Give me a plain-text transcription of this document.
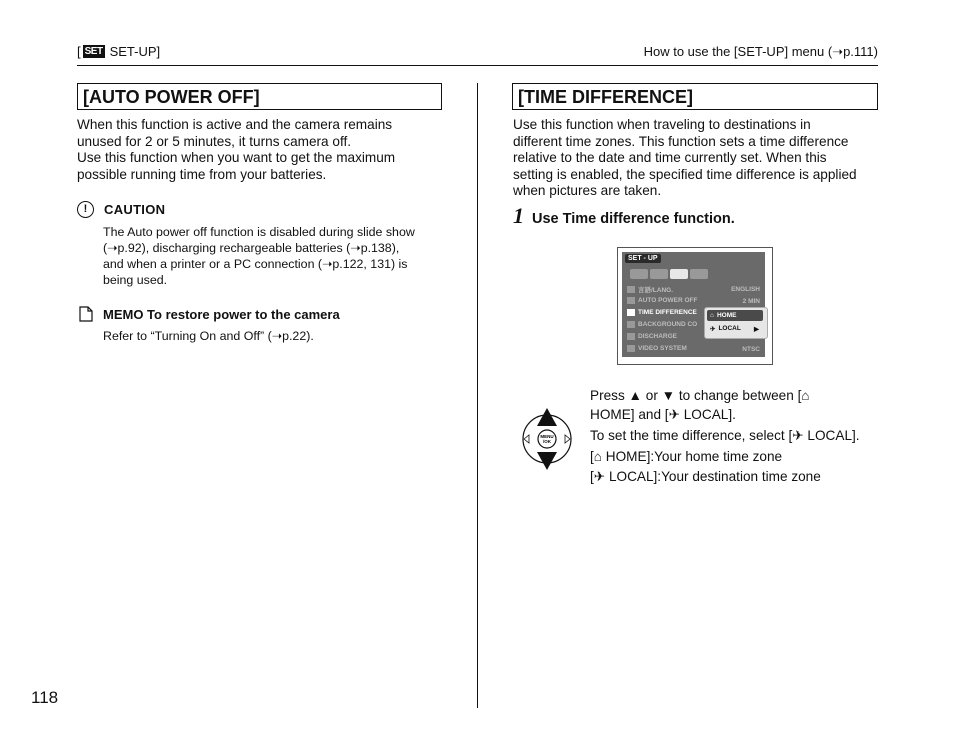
[ SET SET-UP]	How to use the [SET-UP] menu (➝p.111)
[AUTO POWER OFF]
When this function is active and the camera remains
unused for 2 or 5 minutes, it turns camera off.
Use this function when you want to get the maximum
possible running time from your batteries.
!	CAUTION
The Auto power off function is disabled during slide show
(➝p.92), discharging rechargeable batteries (➝p.138),
and when a printer or a PC connection (➝p.122, 131) is
being used.
MEMO To restore power to the camera
Refer to “Turning On and Off” (➝p.22).
[TIME DIFFERENCE]
Use this function when traveling to destinations in
different time zones. This function sets a time difference
relative to the date and time currently set. When this
setting is enabled, the specified time difference is applied
when pictures are taken.
1 Use Time difference function.
SET - UP
言語/LANG.	ENGLISH
AUTO POWER OFF	2 MIN
TIME DIFFERENCE
BACKGROUND CO
DISCHARGE
VIDEO SYSTEM	NTSC
⌂ HOME
✈ LOCAL ▶
MENU
/OK
Press ▲ or ▼ to change between [⌂
HOME] and [✈ LOCAL].
To set the time difference, select [✈ LOCAL].
[⌂ HOME]:Your home time zone
[✈ LOCAL]:Your destination time zone
118
